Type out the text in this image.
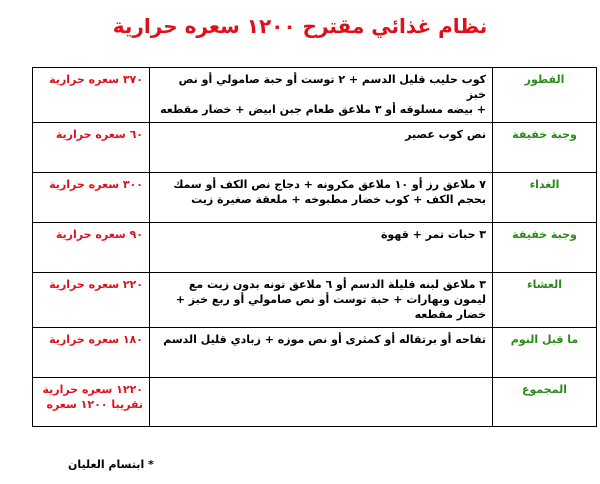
نظام غذائي مقترح ١٢٠٠ سعره حرارية
الفطور	كوب حليب قليل الدسم + ٢ توست أو حبة صامولي أو نص خبز
+ بيضه مسلوقه أو ٣ ملاعق طعام جبن ابيض + خضار مقطعه	٣٧٠ سعره حرارية

وجبة خفيفة	نص كوب عصير	٦٠ سعره حرارية

الغداء	٧ ملاعق رز أو ١٠ ملاعق مكرونه + دجاج نص الكف أو سمك
بحجم الكف + كوب خضار مطبوخه + ملعقة صغيرة زيت	٣٠٠ سعره حرارية

وجبة خفيفة	٣ حبات تمر + قهوة	٩٠ سعره حرارية

العشاء	٣ ملاعق لبنه قليلة الدسم أو ٦ ملاعق تونه بدون زيت مع
ليمون وبهارات + حبة توست أو نص صامولي أو ربع خبز +
خضار مقطعه	٢٢٠ سعره حرارية

ما قبل النوم	تفاحه أو برتقاله أو كمثرى أو نص موزه + زبادي قليل الدسم	١٨٠ سعره حرارية

المجموع		١٢٢٠ سعره حرارية
تقريبا ١٢٠٠ سعره
* ابتسام العليان
